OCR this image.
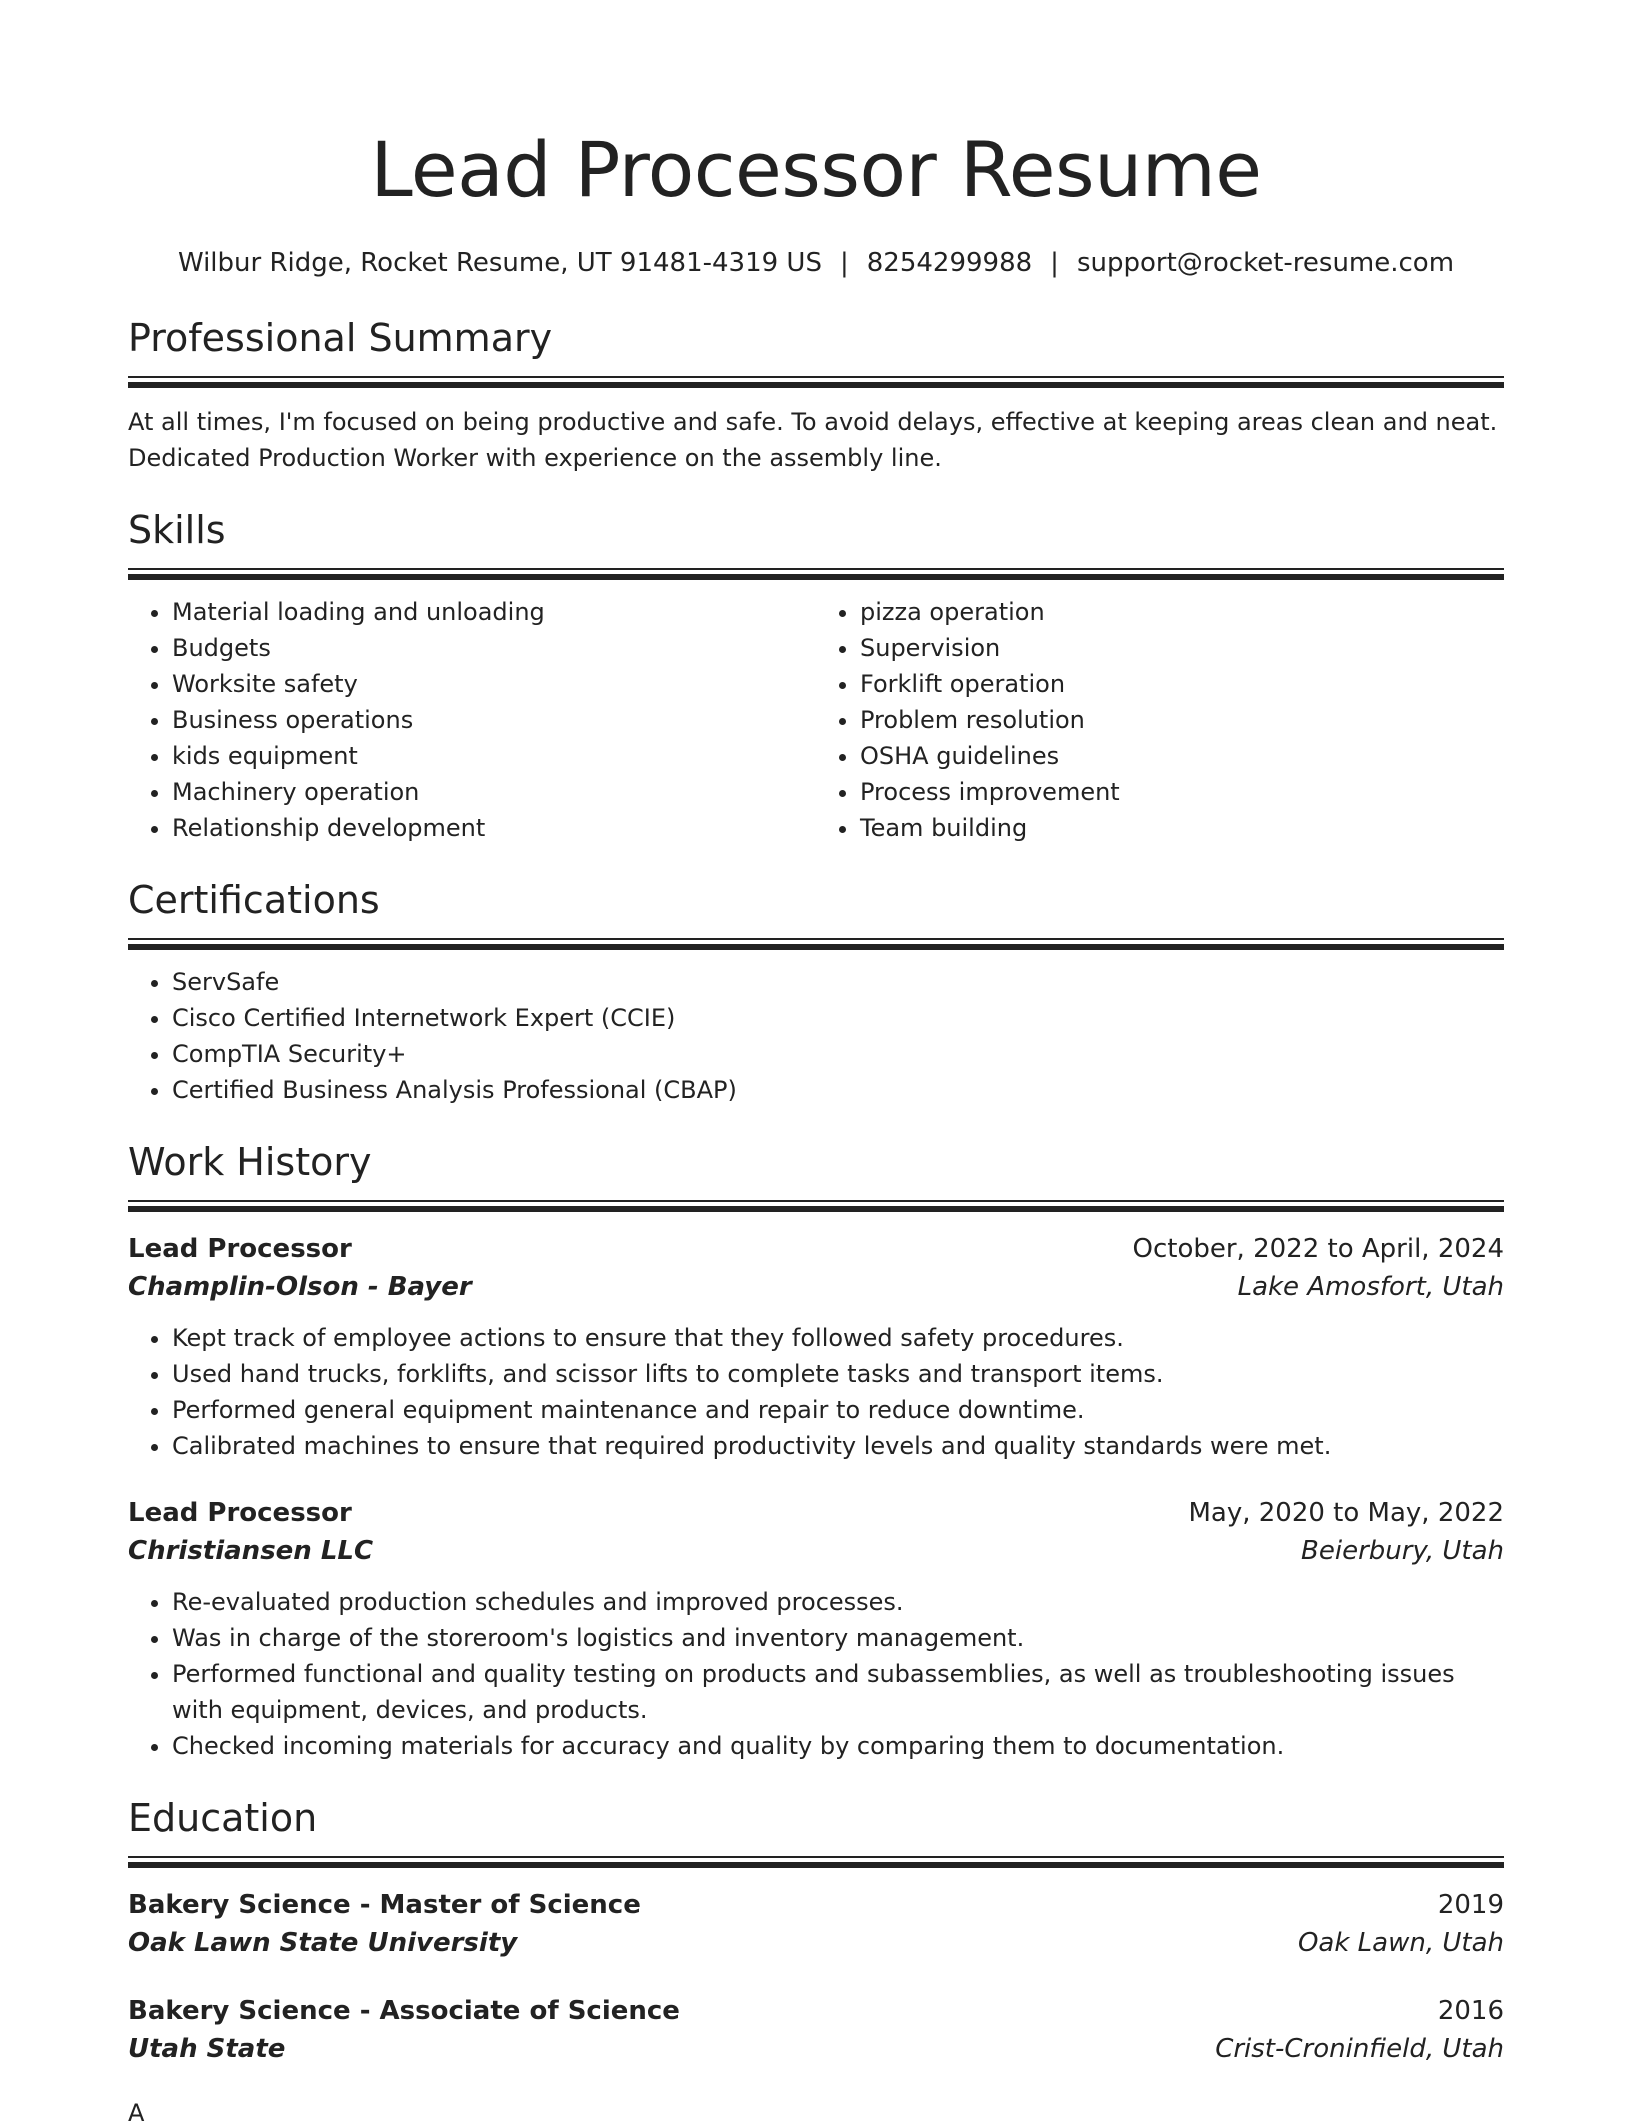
Lead Processor Resume
Wilbur Ridge, Rocket Resume, UT 91481-4319 US | 8254299988 | support@rocket-resume.com
Professional Summary

At all times, I'm focused on being productive and safe. To avoid delays, effective at keeping areas clean and neat. Dedicated Production Worker with experience on the assembly line.

Skills
• Material loading and unloading
• Budgets
• Worksite safety
• Business operations
• kids equipment
• Machinery operation
• Relationship development
• pizza operation
• Supervision
• Forklift operation
• Problem resolution
• OSHA guidelines
• Process improvement
• Team building
Certifications
• ServSafe
• Cisco Certified Internetwork Expert (CCIE)
• CompTIA Security+
• Certified Business Analysis Professional (CBAP)
Work History
Lead Processor	October, 2022 to April, 2024
Champlin-Olson - Bayer	Lake Amosfort, Utah
• Kept track of employee actions to ensure that they followed safety procedures.
• Used hand trucks, forklifts, and scissor lifts to complete tasks and transport items.
• Performed general equipment maintenance and repair to reduce downtime.
• Calibrated machines to ensure that required productivity levels and quality standards were met.
Lead Processor	May, 2020 to May, 2022
Christiansen LLC	Beierbury, Utah
• Re-evaluated production schedules and improved processes.
• Was in charge of the storeroom's logistics and inventory management.
• Performed functional and quality testing on products and subassemblies, as well as troubleshooting issues with equipment, devices, and products.
• Checked incoming materials for accuracy and quality by comparing them to documentation.
Education
Bakery Science - Master of Science	2019
Oak Lawn State University	Oak Lawn, Utah
Bakery Science - Associate of Science	2016
Utah State	Crist-Croninfield, Utah
A
